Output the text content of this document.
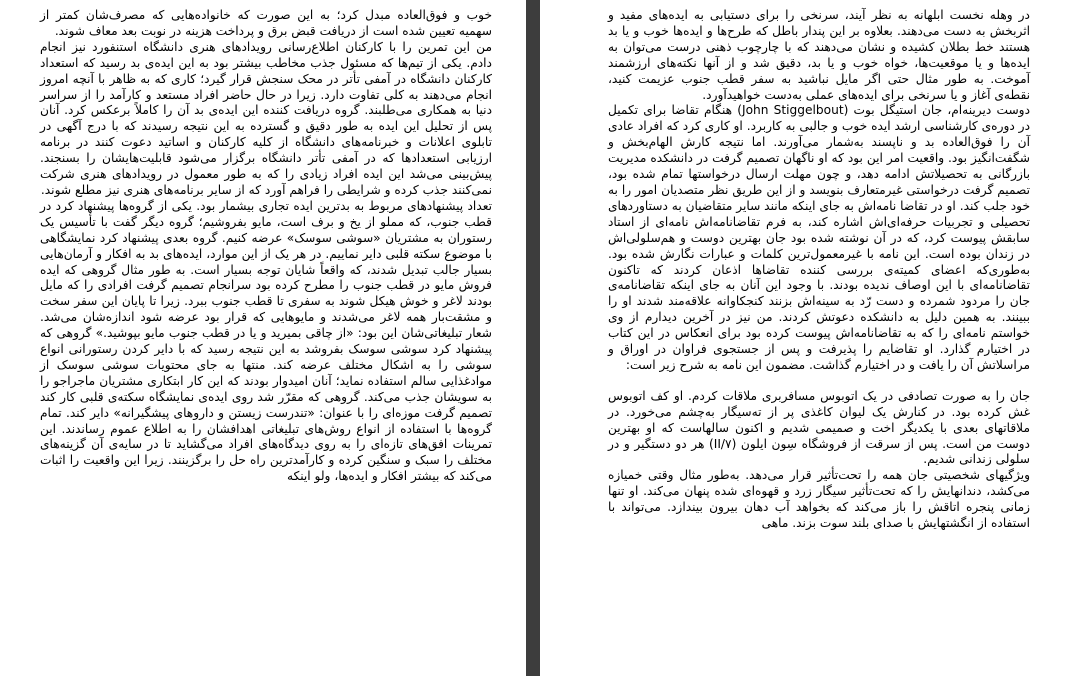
خوب و فوق‌العاده مبدل کرد؛ به این صورت که خانواده‌هایی که مصرف‌شان کمتر از سهمیه تعیین شده است از دریافت قبض برق و پرداخت هزینه در نوبت بعد معاف شوند.

من این تمرین را با کارکنان اطلاع‌رسانی رویدادهای هنری دانشگاه استنفورد نیز انجام دادم. یکی از تیم‌ها که مسئول جذب مخاطب بیشتر بود به این ایده‌ی بد رسید که استعداد کارکنان دانشگاه در آمفی تأتر در محک سنجش قرار گیرد؛ کاری که به ظاهر با آنچه امروز انجام می‌دهند به کلی تفاوت دارد. زیرا در حال حاضر افراد مستعد و کارآمد را از سراسر دنیا به همکاری می‌طلبند. گروه دریافت کننده این ایده‌ی بد آن را کاملاً برعکس کرد. آنان پس از تحلیل این ایده به طور دقیق و گسترده به این نتیجه رسیدند که با درج آگهی در تابلوی اعلانات و خبرنامه‌های دانشگاه از کلیه کارکنان و اساتید دعوت کنند در برنامه ارزیابی استعدادها که در آمفی تأتر دانشگاه برگزار می‌شود قابلیت‌هایشان را بسنجند. پیش‌بینی می‌شد این ایده افراد زیادی را که به طور معمول در رویدادهای هنری شرکت نمی‌کنند جذب کرده و شرایطی را فراهم آورد که از سایر برنامه‌های هنری نیز مطلع شوند.

تعداد پیشنهادهای مربوط به بدترین ایده تجاری بیشمار بود. یکی از گروه‌ها پیشنهاد کرد در قطب جنوب، که مملو از یخ و برف است، مایو بفروشیم؛ گروه دیگر گفت با تأسیس یک رستوران به مشتریان «سوشی سوسک» عرضه کنیم. گروه بعدی پیشنهاد کرد نمایشگاهی با موضوع سکته قلبی دایر نماییم. در هر یک از این موارد، ایده‌های بد به افکار و آرمان‌هایی بسیار جالب تبدیل شدند، که واقعاً شایان توجه بسیار است. به طور مثال گروهی که ایده فروش مایو در قطب جنوب را مطرح کرده بود سرانجام تصمیم گرفت افرادی را که مایل بودند لاغر و خوش هیکل شوند به سفری تا قطب جنوب ببرد. زیرا تا پایان این سفر سخت و مشقت‌بار همه لاغر می‌شدند و مایوهایی که قرار بود عرضه شود اندازه‌شان می‌شد. شعار تبلیغاتی‌شان این بود: «از چاقی بمیرید و یا در قطب جنوب مایو بپوشید.» گروهی که پیشنهاد کرد سوشی سوسک بفروشد به این نتیجه رسید که با دایر کردن رستورانی انواع سوشی را به اشکال مختلف عرضه کند. منتها به جای محتویات سوشی سوسک از موادغذایی سالم استفاده نماید؛ آنان امیدوار بودند که این کار ابتکاری مشتریان ماجراجو را به سویشان جذب می‌کند. گروهی که مقرّر شد روی ایده‌ی نمایشگاه سکته‌ی قلبی کار کند تصمیم گرفت موزه‌ای را با عنوان: «تندرست زیستن و داروهای پیشگیرانه» دایر کند. تمام گروه‌ها با استفاده از انواع روش‌های تبلیغاتی اهدافشان را به اطلاع عموم رساندند. این تمرینات افق‌های تازه‌ای را به روی دیدگاه‌های افراد می‌گشاید تا در سایه‌ی آن گزینه‌های مختلف را سبک و سنگین کرده و کارآمدترین راه حل را برگزینند. زیرا این واقعیت را اثبات می‌کند که بیشتر افکار و ایده‌ها، ولو اینکه

در وهله نخست ابلهانه به نظر آیند، سرنخی را برای دستیابی به ایده‌های مفید و اثربخش به دست می‌دهند. بعلاوه بر این پندار باطل که طرح‌ها و ایده‌ها خوب و یا بد هستند خط بطلان کشیده و نشان می‌دهند که با چارچوب ذهنی درست می‌توان به ایده‌ها و یا موقعیت‌ها، خواه خوب و یا بد، دقیق شد و از آنها نکته‌های ارزشمند آموخت. به طور مثال حتی اگر مایل نباشید به سفر قطب جنوب عزیمت کنید، نقطه‌ی آغاز و یا سرنخی برای ایده‌های عملی به‌دست خواهید‌آورد.

دوست دیرینه‌ام، جان استیگل بوت (John Stiggelbout) هنگام تقاضا برای تکمیل در دوره‌ی کارشناسی ارشد ایده خوب و جالبی به کاربرد. او کاری کرد که افراد عادی آن را فوق‌العاده بد و ناپسند به‌شمار می‌آورند. اما نتیجه کارش الهام‌بخش و شگفت‌انگیز بود. واقعیت امر این بود که او ناگهان تصمیم گرفت در دانشکده مدیریت بازرگانی به تحصیلاتش ادامه دهد، و چون مهلت ارسال درخواستها تمام شده بود، تصمیم گرفت درخواستی غیرمتعارف بنویسد و از این طریق نظر متصدیان امور را به خود جلب کند. او در تقاضا نامه‌اش به جای اینکه مانند سایر متقاضیان به دستاوردهای تحصیلی و تجربیات حرفه‌ای‌اش اشاره کند، به فرم تقاضانامه‌اش نامه‌ای از استاد سابقش پیوست کرد، که در آن نوشته شده بود جان بهترین دوست و هم‌سلولی‌اش در زندان بوده است. این نامه با غیرمعمول‌ترین کلمات و عبارات نگارش شده بود. به‌طوری‌که اعضای کمیته‌ی بررسی کننده تقاضاها اذعان کردند که تاکنون تقاضانامه‌ای با این اوصاف ندیده بودند. با وجود این آنان به جای اینکه تقاضانامه‌ی جان را مردود شمرده و دست رّد به سینه‌اش بزنند کنجکاوانه علاقه‌مند شدند او را ببینند. به همین دلیل به دانشکده دعوتش کردند. من نیز در آخرین دیدارم از وی خواستم نامه‌ای را که به تقاضانامه‌اش پیوست کرده بود برای انعکاس در این کتاب در اختیارم گذارد. او تقاضایم را پذیرفت و پس از جستجوی فراوان در اوراق و مراسلاتش آن را یافت و در اختیارم گذاشت. مضمون این نامه به شرح زیر است:

جان را به صورت تصادفی در یک اتوبوس مسافربری ملاقات کردم. او کف اتوبوس غش کرده بود. در کنارش یک لیوان کاغذی پر از ته‌سیگار به‌چشم می‌خورد. در ملاقاتهای بعدی با یکدیگر اخت و صمیمی شدیم و اکنون سالهاست که او بهترین دوست من است. پس از سرقت از فروشگاه سِون ایلون (II/۷) هر دو دستگیر و در سلولی زندانی شدیم.

ویژگیهای شخصیتی جان همه را تحت‌تأثیر قرار می‌دهد. به‌طور مثال وقتی خمیازه می‌کشد، دندانهایش را که تحت‌تأثیر سیگار زرد و قهوه‌ای شده پنهان می‌کند. او تنها زمانی پنجره اتاقش را باز می‌کند که بخواهد آب دهان بیرون بیندازد. می‌تواند با استفاده از انگشتهایش با صدای بلند سوت بزند. ماهی
